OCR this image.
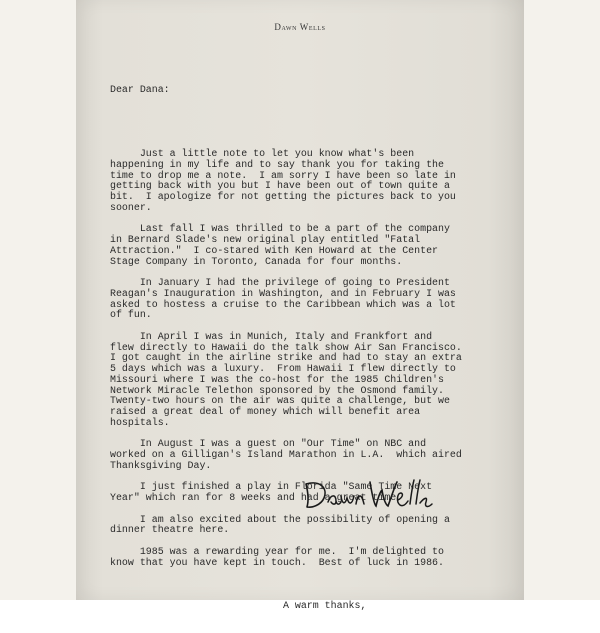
Dawn Wells

Dear Dana:

Just a little note to let you know what's been
happening in my life and to say thank you for taking the
time to drop me a note.  I am sorry I have been so late in
getting back with you but I have been out of town quite a
bit.  I apologize for not getting the pictures back to you
sooner.
Last fall I was thrilled to be a part of the company
in Bernard Slade's new original play entitled "Fatal
Attraction."  I co-stared with Ken Howard at the Center
Stage Company in Toronto, Canada for four months.
In January I had the privilege of going to President
Reagan's Inauguration in Washington, and in February I was
asked to hostess a cruise to the Caribbean which was a lot
of fun.
In April I was in Munich, Italy and Frankfort and
flew directly to Hawaii do the talk show Air San Francisco.
I got caught in the airline strike and had to stay an extra
5 days which was a luxury.  From Hawaii I flew directly to
Missouri where I was the co-host for the 1985 Children's
Network Miracle Telethon sponsored by the Osmond family.
Twenty-two hours on the air was quite a challenge, but we
raised a great deal of money which will benefit area
hospitals.
In August I was a guest on "Our Time" on NBC and
worked on a Gilligan's Island Marathon in L.A.  which aired
Thanksgiving Day.
I just finished a play in Florida "Same Time Next
Year" which ran for 8 weeks and had a great time.
I am also excited about the possibility of opening a
dinner theatre here.
1985 was a rewarding year for me.  I'm delighted to
know that you have kept in touch.  Best of luck in 1986.

A warm thanks,
